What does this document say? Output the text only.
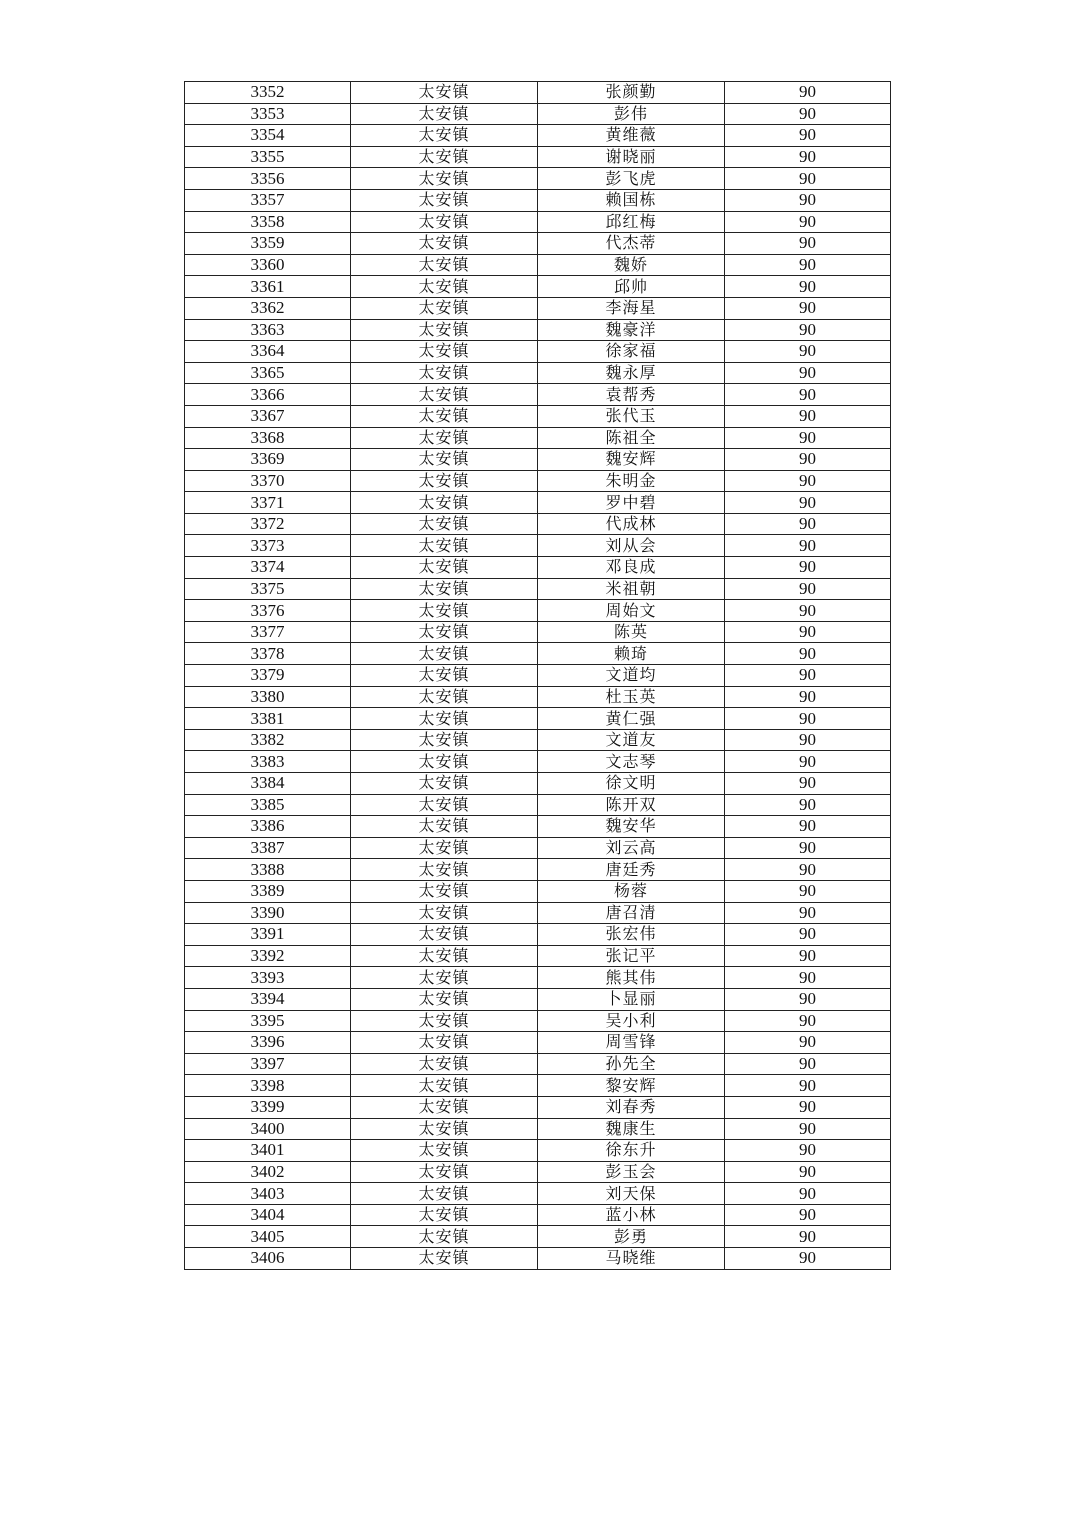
3352	太安镇	张颜勤	90
3353	太安镇	彭伟	90
3354	太安镇	黄维薇	90
3355	太安镇	谢晓丽	90
3356	太安镇	彭飞虎	90
3357	太安镇	赖国栋	90
3358	太安镇	邱红梅	90
3359	太安镇	代杰蒂	90
3360	太安镇	魏娇	90
3361	太安镇	邱帅	90
3362	太安镇	李海星	90
3363	太安镇	魏豪洋	90
3364	太安镇	徐家福	90
3365	太安镇	魏永厚	90
3366	太安镇	袁帮秀	90
3367	太安镇	张代玉	90
3368	太安镇	陈祖全	90
3369	太安镇	魏安辉	90
3370	太安镇	朱明金	90
3371	太安镇	罗中碧	90
3372	太安镇	代成林	90
3373	太安镇	刘从会	90
3374	太安镇	邓良成	90
3375	太安镇	米祖朝	90
3376	太安镇	周始文	90
3377	太安镇	陈英	90
3378	太安镇	赖琦	90
3379	太安镇	文道均	90
3380	太安镇	杜玉英	90
3381	太安镇	黄仁强	90
3382	太安镇	文道友	90
3383	太安镇	文志琴	90
3384	太安镇	徐文明	90
3385	太安镇	陈开双	90
3386	太安镇	魏安华	90
3387	太安镇	刘云高	90
3388	太安镇	唐廷秀	90
3389	太安镇	杨蓉	90
3390	太安镇	唐召清	90
3391	太安镇	张宏伟	90
3392	太安镇	张记平	90
3393	太安镇	熊其伟	90
3394	太安镇	卜显丽	90
3395	太安镇	吴小利	90
3396	太安镇	周雪锋	90
3397	太安镇	孙先全	90
3398	太安镇	黎安辉	90
3399	太安镇	刘春秀	90
3400	太安镇	魏康生	90
3401	太安镇	徐东升	90
3402	太安镇	彭玉会	90
3403	太安镇	刘天保	90
3404	太安镇	蓝小林	90
3405	太安镇	彭勇	90
3406	太安镇	马晓维	90
